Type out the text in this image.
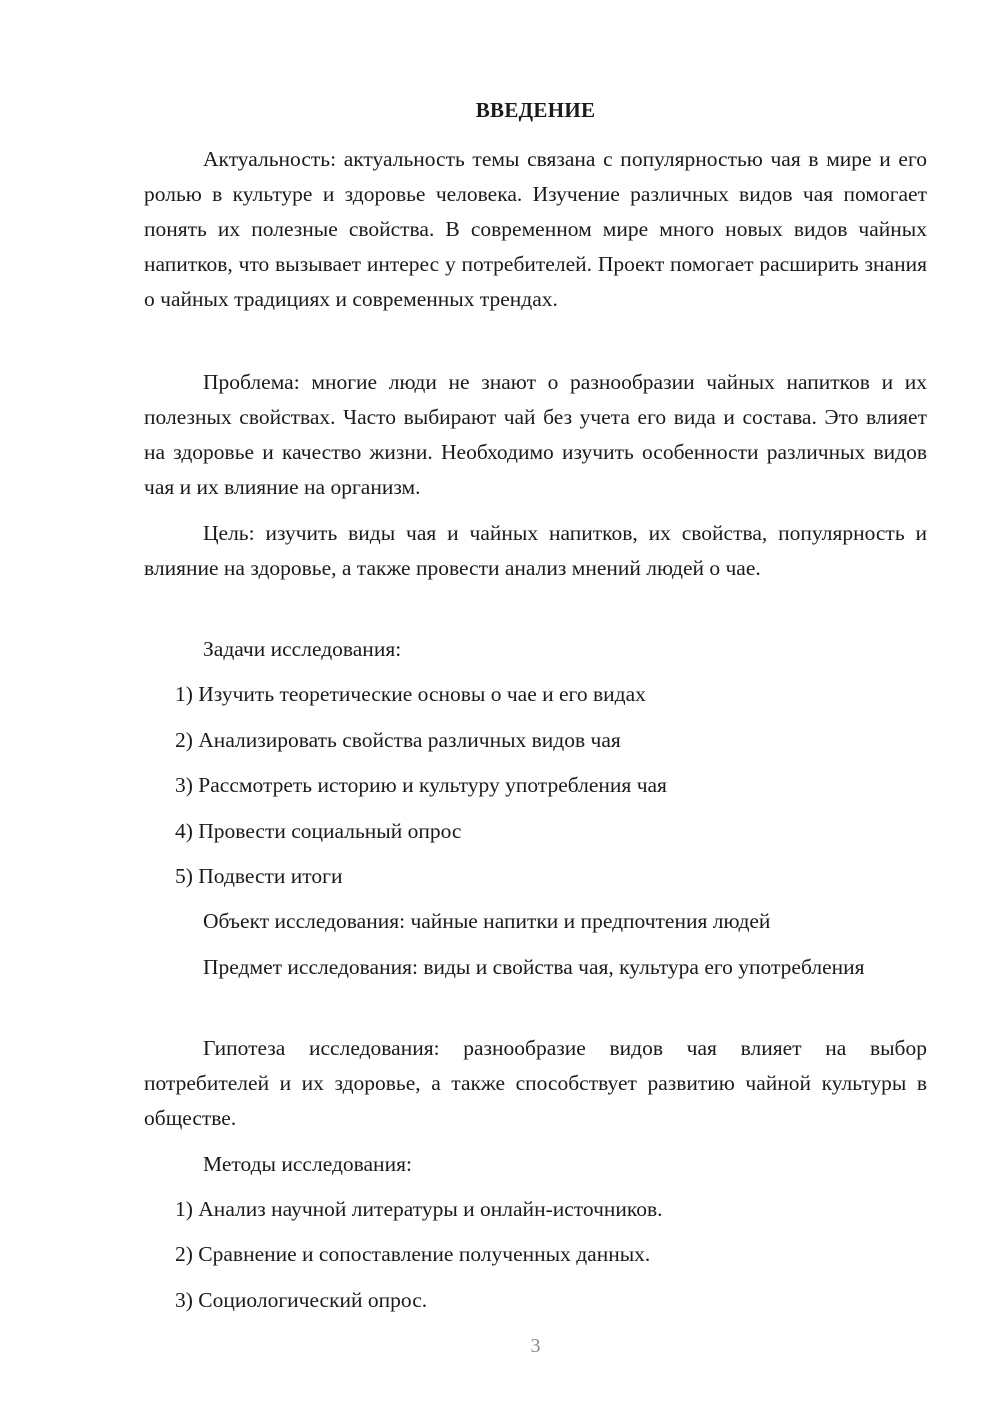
ВВЕДЕНИЕ

Актуальность: актуальность темы связана с популярностью чая в мире и его ролью в культуре и здоровье человека. Изучение различных видов чая помогает понять их полезные свойства. В современном мире много новых видов чайных напитков, что вызывает интерес у потребителей. Проект помогает расширить знания о чайных традициях и современных трендах.

Проблема: многие люди не знают о разнообразии чайных напитков и их полезных свойствах. Часто выбирают чай без учета его вида и состава. Это влияет на здоровье и качество жизни. Необходимо изучить особенности различных видов чая и их влияние на организм.

Цель: изучить виды чая и чайных напитков, их свойства, популярность и влияние на здоровье, а также провести анализ мнений людей о чае.

Задачи исследования:

1) Изучить теоретические основы о чае и его видах

2) Анализировать свойства различных видов чая

3) Рассмотреть историю и культуру употребления чая

4) Провести социальный опрос

5) Подвести итоги

Объект исследования: чайные напитки и предпочтения людей

Предмет исследования: виды и свойства чая, культура его употребления

Гипотеза исследования: разнообразие видов чая влияет на выбор потребителей и их здоровье, а также способствует развитию чайной культуры в обществе.

Методы исследования:

1) Анализ научной литературы и онлайн-источников.

2) Сравнение и сопоставление полученных данных.

3) Социологический опрос.

3
